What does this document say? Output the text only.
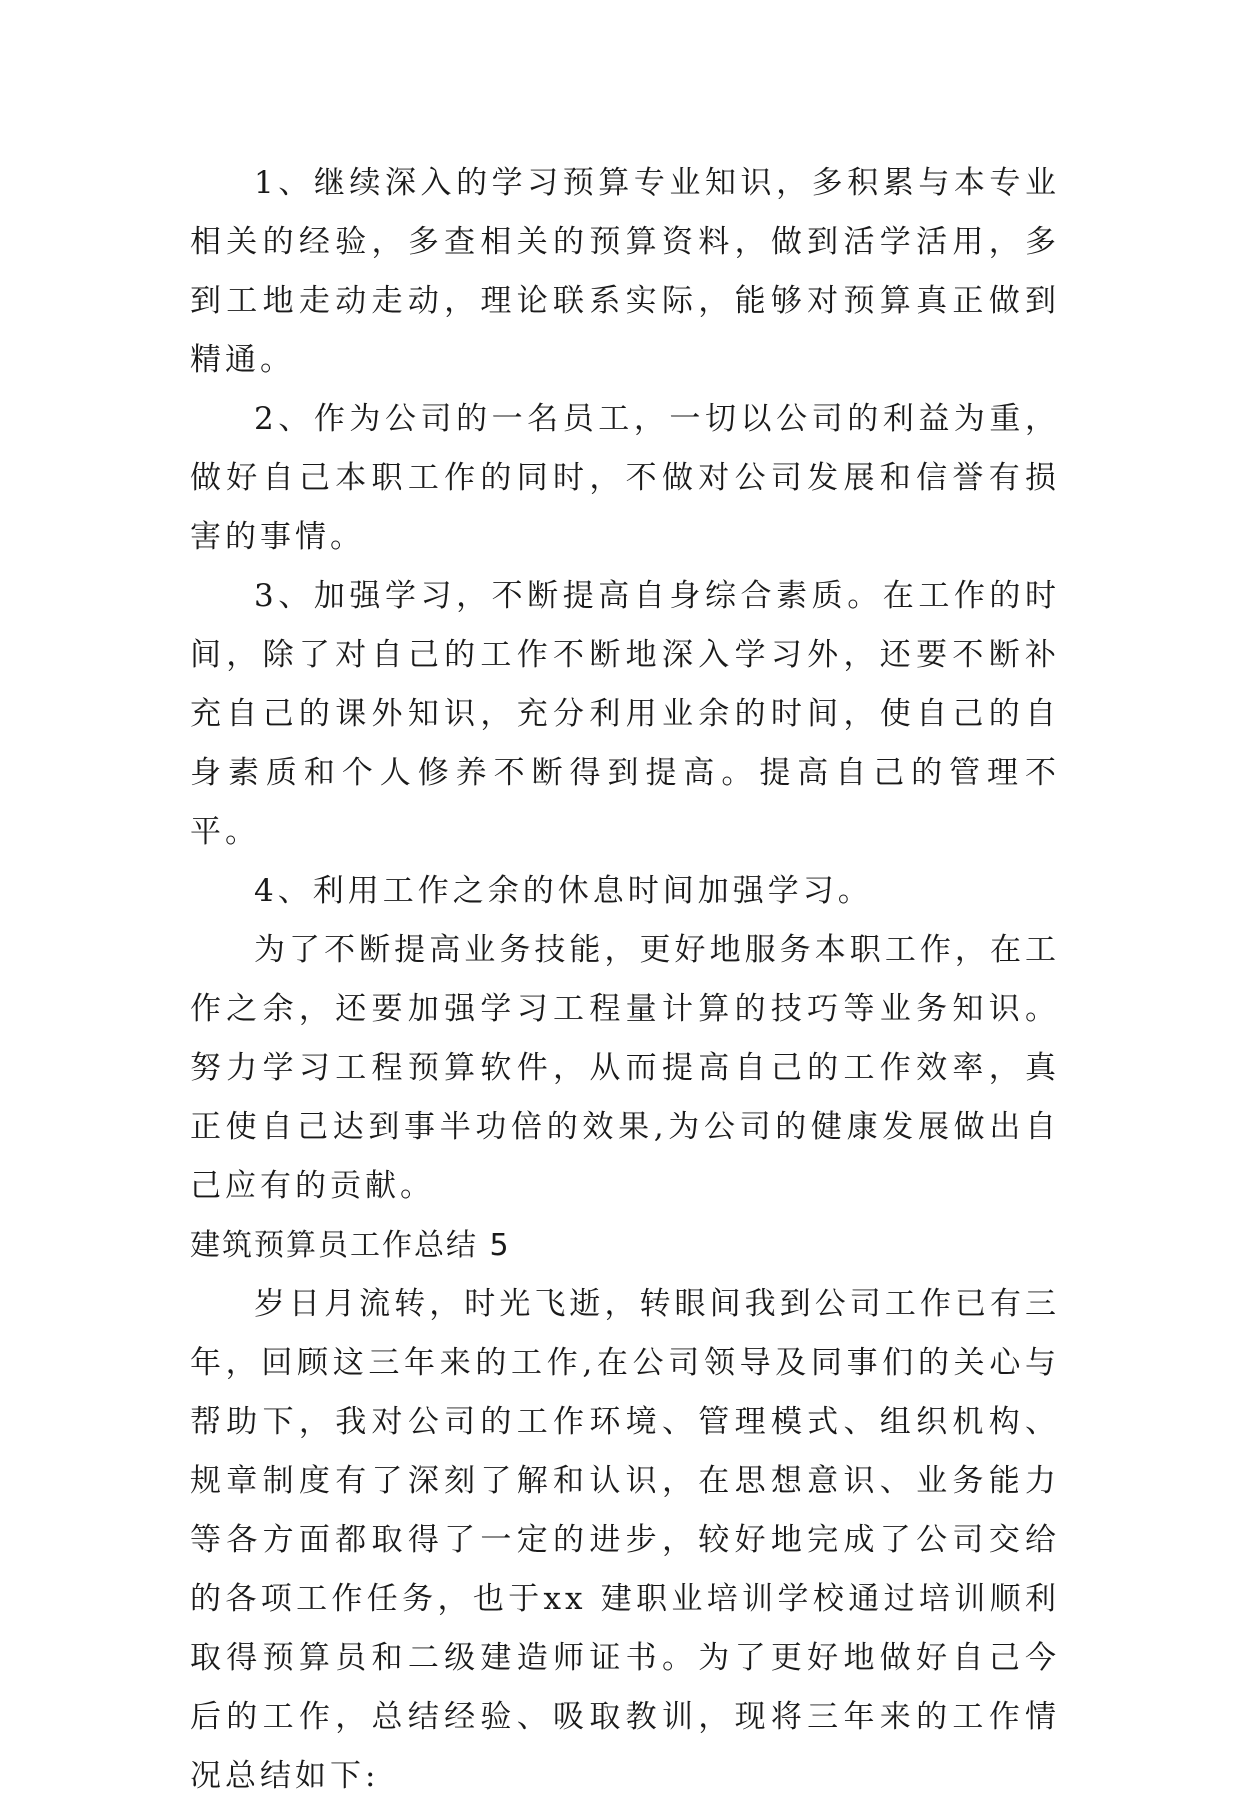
1、继续深入的学习预算专业知识，多积累与本专业相关的经验，多查相关的预算资料，做到活学活用，多到工地走动走动，理论联系实际，能够对预算真正做到精通。

2、作为公司的一名员工，一切以公司的利益为重，做好自己本职工作的同时，不做对公司发展和信誉有损害的事情。

3、加强学习，不断提高自身综合素质。在工作的时间，除了对自己的工作不断地深入学习外，还要不断补充自己的课外知识，充分利用业余的时间，使自己的自身素质和个人修养不断得到提高。提高自己的管理不平。

4、利用工作之余的休息时间加强学习。

为了不断提高业务技能，更好地服务本职工作，在工作之余，还要加强学习工程量计算的技巧等业务知识。努力学习工程预算软件，从而提高自己的工作效率，真正使自己达到事半功倍的效果,为公司的健康发展做出自己应有的贡献。

建筑预算员工作总结 5

岁日月流转，时光飞逝，转眼间我到公司工作已有三年，回顾这三年来的工作,在公司领导及同事们的关心与帮助下，我对公司的工作环境、管理模式、组织机构、规章制度有了深刻了解和认识，在思想意识、业务能力等各方面都取得了一定的进步，较好地完成了公司交给的各项工作任务，也于xx 建职业培训学校通过培训顺利取得预算员和二级建造师证书。为了更好地做好自己今后的工作，总结经验、吸取教训，现将三年来的工作情况总结如下:
